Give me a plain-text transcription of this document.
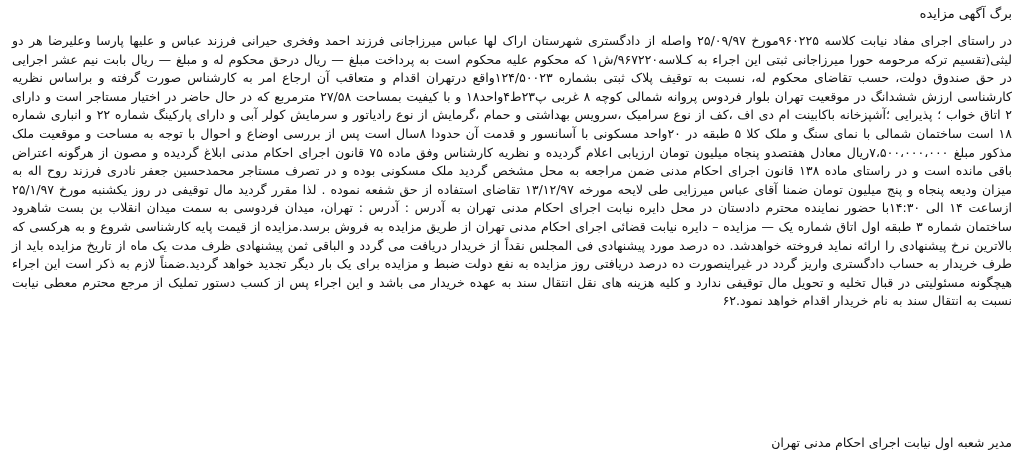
برگ آگهی مزایده

در راستای اجرای مفاد نیابت کلاسه ۹۶۰۲۲۵مورخ ۲۵/۰۹/۹۷ واصله از دادگستری شهرستان اراک لها عباس میرزاجانی فرزند احمد وفخری حیرانی فرزند عباس و علیها پارسا وعلیرضا هر دو لیثی(تقسیم ترکه مرحومه حورا میرزاجانی ثبتی این اجراء به کـلاسه۹۶۷۲۲۰/ش۱ که محکوم علیه محکوم است به پرداخت مبلغ — ریال درحق محکوم له و مبلغ — ریال بابت نیم عشر اجرایی در حق صندوق دولت، حسب تقاضای محکوم له، نسبت به توقیف پلاک ثبتی بشماره ۱۲۴/۵۰۰۲۳واقع درتهران اقدام و متعاقب آن ارجاع امر به کارشناس صورت گرفته و براساس نظریه کارشناسی ارزش ششدانگ در موقعیت تهران بلوار فردوس پروانه شمالی کوچه ۸ غربی پ۲۳ط۴واحد۱۸ و با کیفیت بمساحت ۲۷/۵۸ مترمربع که در حال حاضر در اختیار مستاجر است و دارای ۲ اتاق خواب ؛ پذیرایی ؛آشپزخانه باکابینت ام دی اف ،کف از نوع سرامیک ،سرویس بهداشتی و حمام ،گرمایش از نوع رادیاتور و سرمایش کولر آبی و دارای پارکینگ شماره ۲۲ و انباری شماره ۱۸ است ساختمان شمالی با نمای سنگ و ملک کلا ۵ طبقه در ۲۰واحد مسکونی با آسانسور و قدمت آن حدودا ۸سال است پس از بررسی اوضاع و احوال با توجه به مساحت و موقعیت ملک مذکور مبلغ ۷،۵۰۰،۰۰۰،۰۰۰ریال معادل هفتصدو پنجاه میلیون تومان ارزیابی اعلام گردیده و نظریه کارشناس وفق ماده ۷۵ قانون اجرای احکام مدنی ابلاغ گردیده و مصون از هرگونه اعتراض باقی مانده است و در راستای ماده ۱۳۸ قانون اجرای احکام مدنی ضمن مراجعه به محل مشخص گردید ملک مسکونی بوده و در تصرف مستاجر محمدحسین جعفر نادری فرزند روح اله به میزان ودیعه پنجاه و پنج میلیون تومان ضمنا آقای عباس میرزایی طی لایحه مورخه ۱۳/۱۲/۹۷ تقاضای استفاده از حق شفعه نموده . لذا مقرر گردید مال توقیفی در روز یکشنبه مورخ ۲۵/۱/۹۷ ازساعت ۱۴ الی ۱۴:۳۰با حضور نماینده محترم دادستان در محل دایره نیابت اجرای احکام مدنی تهران به آدرس : آدرس : تهران، میدان فردوسی به سمت میدان انقلاب بن بست شاهرود ساختمان شماره ۳ طبقه اول اتاق شماره یک — مزایده – دایره نیابت قضائی اجرای احکام مدنی تهران از طریق مزایده به فروش برسد.مزایده از قیمت پایه کارشناسی شروع و به هرکسی که بالاترین نرخ پیشنهادی را ارائه نماید فروخته خواهدشد. ده درصد مورد پیشنهادی فی المجلس نقداً از خریدار دریافت می گردد و الباقی ثمن پیشنهادی ظرف مدت یک ماه از تاریخ مزایده باید از طرف خریدار به حساب دادگستری واریز گردد در غیراینصورت ده درصد دریافتی روز مزایده به نفع دولت ضبط و مزایده برای یک بار دیگر تجدید خواهد گردید.ضمناً لازم به ذکر است این اجراء هیچگونه مسئولیتی در قبال تخلیه و تحویل مال توقیفی ندارد و کلیه هزینه های نقل انتقال سند به عهده خریدار می باشد و این اجراء پس از کسب دستور تملیک از مرجع محترم معطی نیابت نسبت به انتقال سند به نام خریدار اقدام خواهد نمود.۶۲

مدیر شعبه اول نیابت اجرای احکام مدنی تهران
